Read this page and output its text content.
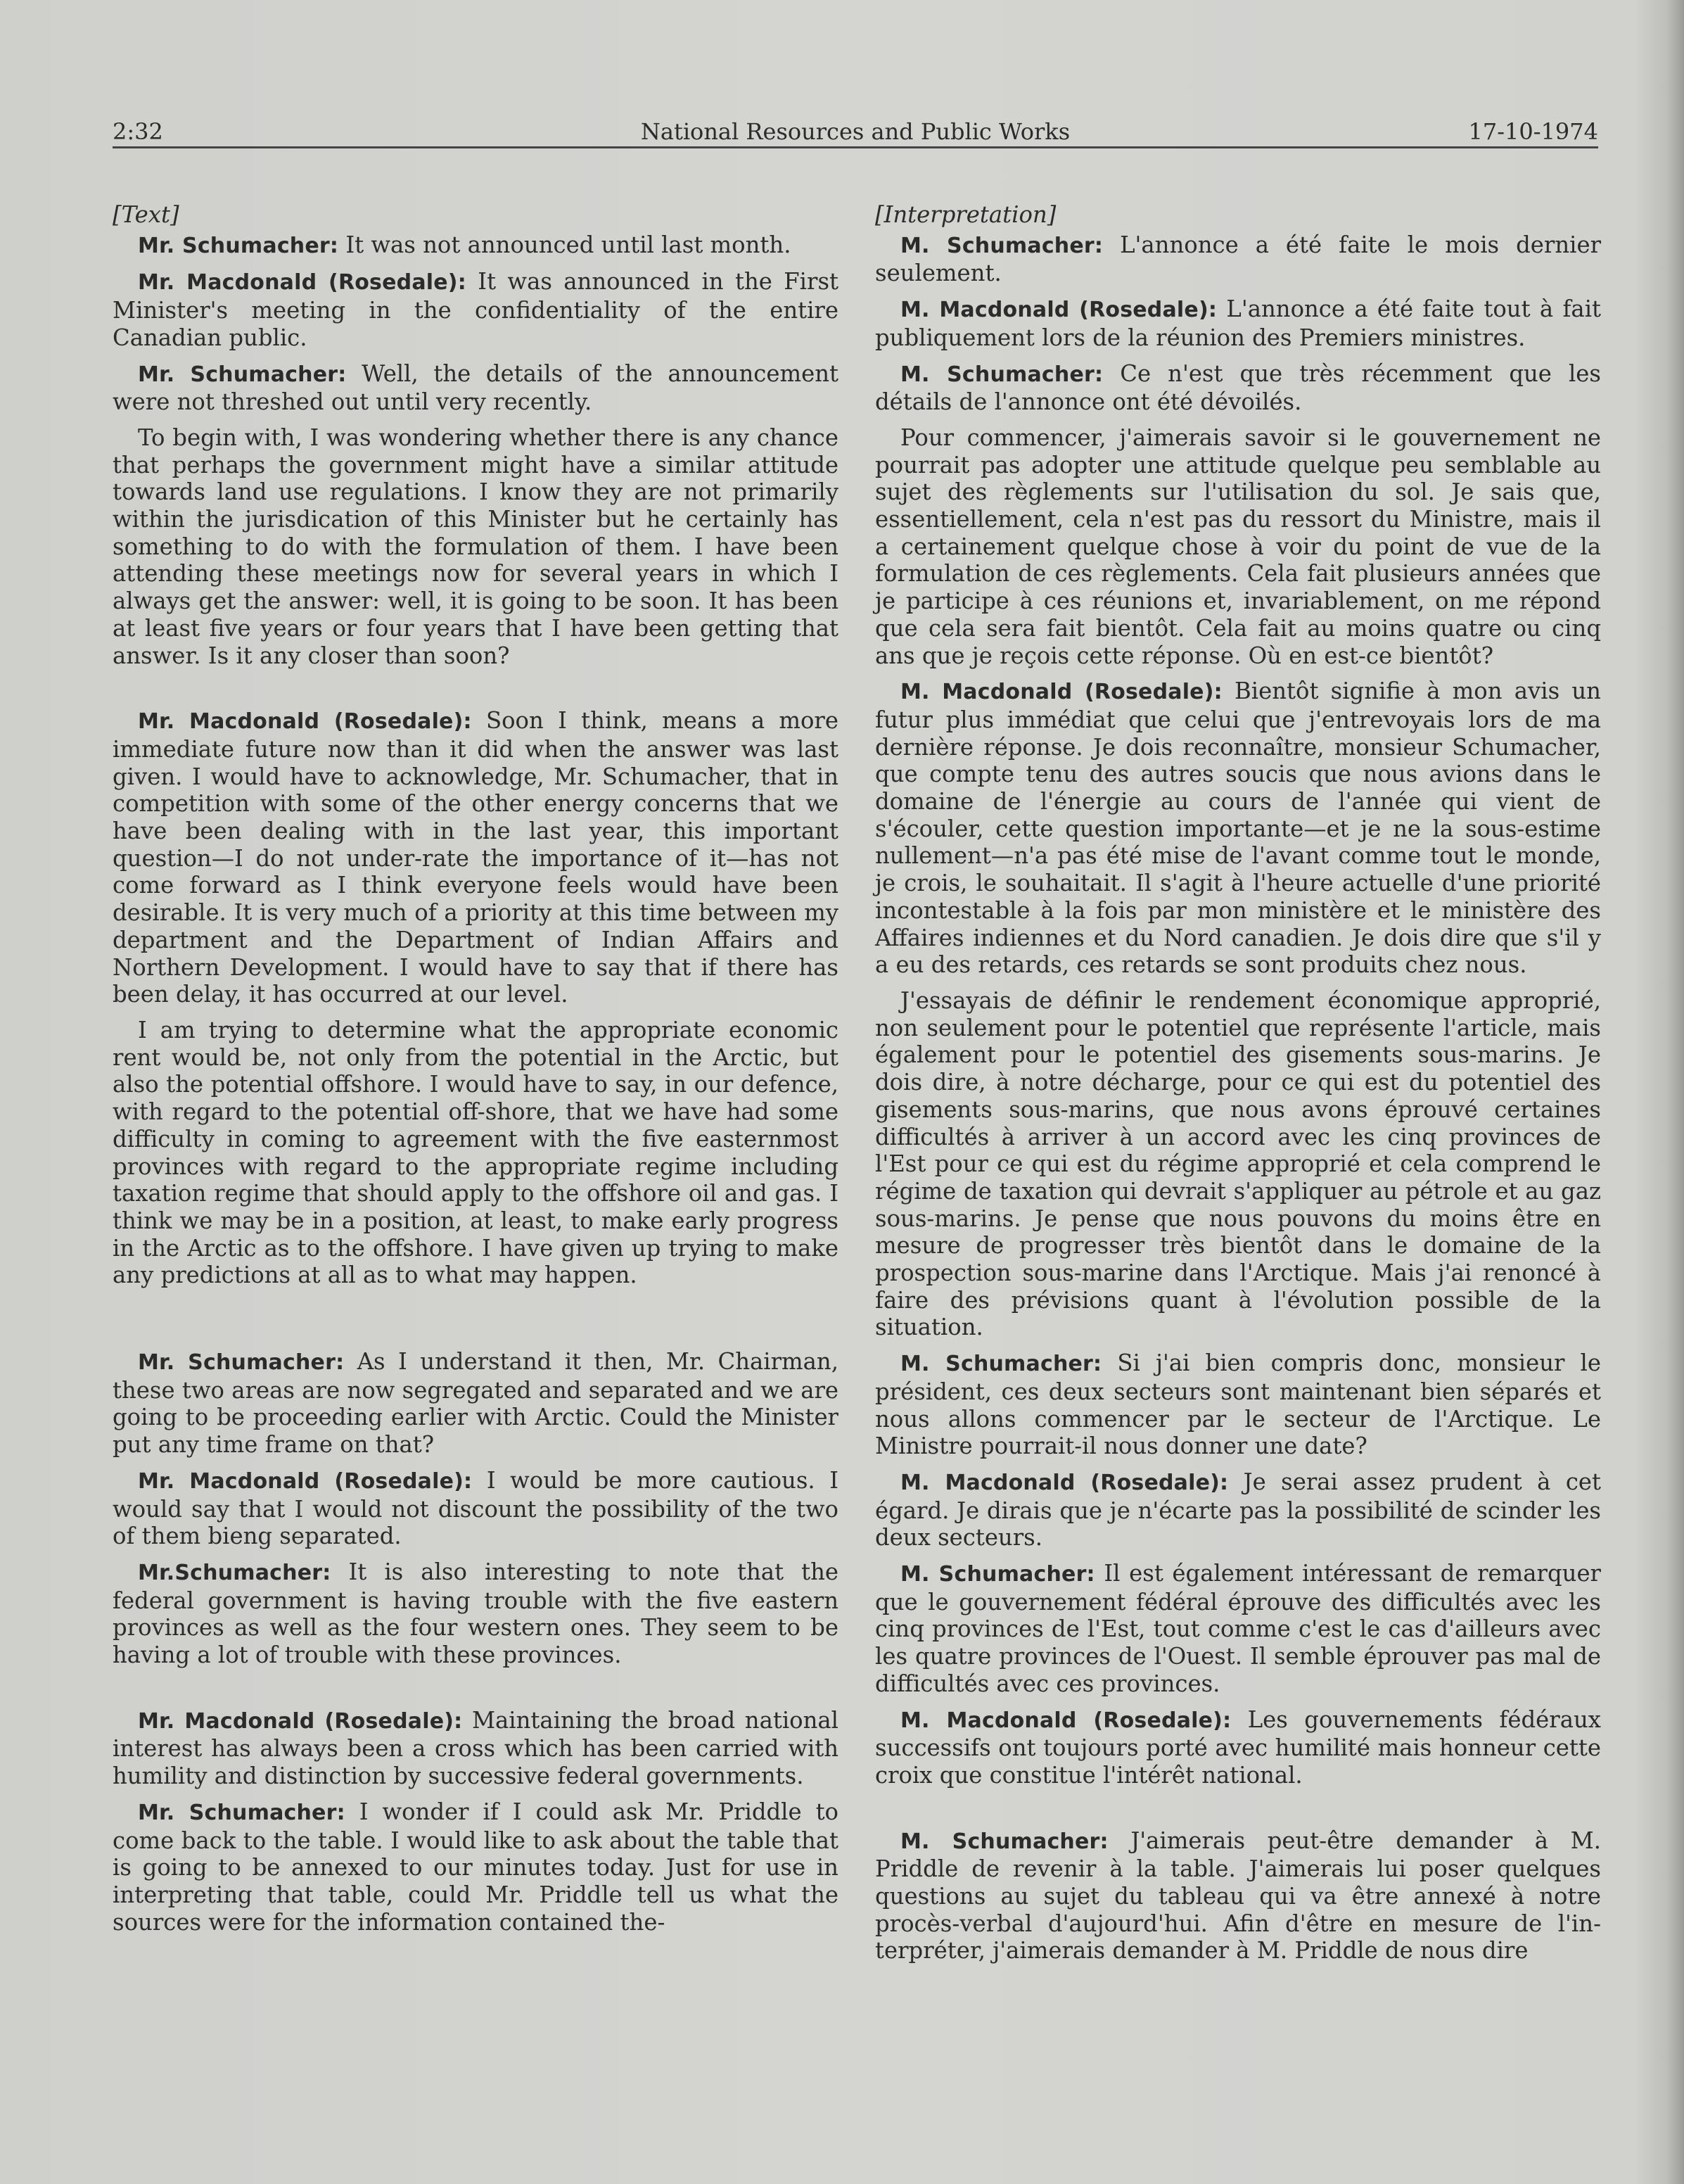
2:32	National Resources and Public Works	17-10-1974

[Text]

Mr. Schumacher: It was not announced until last month.

Mr. Macdonald (Rosedale): It was announced in the First Minister's meeting in the confidentiality of the entire Canadian public.

Mr. Schumacher: Well, the details of the announcement were not threshed out until very recently.

To begin with, I was wondering whether there is any chance that perhaps the government might have a similar attitude towards land use regulations. I know they are not primarily within the jurisdication of this Minister but he certainly has something to do with the formulation of them. I have been attending these meetings now for several years in which I always get the answer: well, it is going to be soon. It has been at least five years or four years that I have been getting that answer. Is it any closer than soon?

Mr. Macdonald (Rosedale): Soon I think, means a more immediate future now than it did when the answer was last given. I would have to acknowledge, Mr. Schumacher, that in competition with some of the other energy concerns that we have been dealing with in the last year, this important question—I do not under-rate the importance of it—has not come forward as I think everyone feels would have been desirable. It is very much of a priority at this time between my department and the Department of Indian Affairs and Northern Development. I would have to say that if there has been delay, it has occurred at our level.

I am trying to determine what the appropriate economic rent would be, not only from the potential in the Arctic, but also the potential offshore. I would have to say, in our defence, with regard to the potential off-shore, that we have had some difficulty in coming to agreement with the five easternmost provinces with regard to the appropriate regime including taxation regime that should apply to the offshore oil and gas. I think we may be in a position, at least, to make early progress in the Arctic as to the offshore. I have given up trying to make any predictions at all as to what may happen.

Mr. Schumacher: As I understand it then, Mr. Chairman, these two areas are now segregated and separated and we are going to be proceeding earlier with Arctic. Could the Minister put any time frame on that?

Mr. Macdonald (Rosedale): I would be more cautious. I would say that I would not discount the possibility of the two of them bieng separated.

Mr.Schumacher: It is also interesting to note that the federal government is having trouble with the five eastern provinces as well as the four western ones. They seem to be having a lot of trouble with these provinces.

Mr. Macdonald (Rosedale): Maintaining the broad national interest has always been a cross which has been carried with humility and distinction by successive federal governments.

Mr. Schumacher: I wonder if I could ask Mr. Priddle to come back to the table. I would like to ask about the table that is going to be annexed to our minutes today. Just for use in interpreting that table, could Mr. Priddle tell us what the sources were for the information contained the-

[Interpretation]

M. Schumacher: L'annonce a été faite le mois dernier seulement.

M. Macdonald (Rosedale): L'annonce a été faite tout à fait publiquement lors de la réunion des Premiers ministres.

M. Schumacher: Ce n'est que très récemment que les détails de l'annonce ont été dévoilés.

Pour commencer, j'aimerais savoir si le gouvernement ne pourrait pas adopter une attitude quelque peu semblable au sujet des règlements sur l'utilisation du sol. Je sais que, essentiellement, cela n'est pas du ressort du Ministre, mais il a certainement quelque chose à voir du point de vue de la formulation de ces règlements. Cela fait plusieurs années que je participe à ces réunions et, invariablement, on me répond que cela sera fait bientôt. Cela fait au moins quatre ou cinq ans que je reçois cette réponse. Où en est-ce bientôt?

M. Macdonald (Rosedale): Bientôt signifie à mon avis un futur plus immédiat que celui que j'entrevoyais lors de ma dernière réponse. Je dois reconnaître, monsieur Schumacher, que compte tenu des autres soucis que nous avions dans le domaine de l'énergie au cours de l'année qui vient de s'écouler, cette question importante—et je ne la sous-estime nullement—n'a pas été mise de l'avant comme tout le monde, je crois, le souhaitait. Il s'agit à l'heure actuelle d'une priorité incontestable à la fois par mon ministère et le ministère des Affaires indiennes et du Nord canadien. Je dois dire que s'il y a eu des retards, ces retards se sont produits chez nous.

J'essayais de définir le rendement économique approprié, non seulement pour le potentiel que représente l'article, mais également pour le potentiel des gisements sous-marins. Je dois dire, à notre décharge, pour ce qui est du potentiel des gisements sous-marins, que nous avons éprouvé certaines difficultés à arriver à un accord avec les cinq provinces de l'Est pour ce qui est du régime approprié et cela comprend le régime de taxation qui devrait s'appliquer au pétrole et au gaz sous-marins. Je pense que nous pouvons du moins être en mesure de progresser très bientôt dans le domaine de la prospection sous-marine dans l'Arctique. Mais j'ai renoncé à faire des prévisions quant à l'évolution possible de la situation.

M. Schumacher: Si j'ai bien compris donc, monsieur le président, ces deux secteurs sont maintenant bien séparés et nous allons commencer par le secteur de l'Arctique. Le Ministre pourrait-il nous donner une date?

M. Macdonald (Rosedale): Je serai assez prudent à cet égard. Je dirais que je n'écarte pas la possibilité de scinder les deux secteurs.

M. Schumacher: Il est également intéressant de remarquer que le gouvernement fédéral éprouve des difficultés avec les cinq provinces de l'Est, tout comme c'est le cas d'ailleurs avec les quatre provinces de l'Ouest. Il semble éprouver pas mal de difficultés avec ces provinces.

M. Macdonald (Rosedale): Les gouvernements fédéraux successifs ont toujours porté avec humilité mais honneur cette croix que constitue l'intérêt national.

M. Schumacher: J'aimerais peut-être demander à M. Priddle de revenir à la table. J'aimerais lui poser quelques questions au sujet du tableau qui va être annexé à notre procès-verbal d'aujourd'hui. Afin d'être en mesure de l'interpréter, j'aimerais demander à M. Priddle de nous dire
